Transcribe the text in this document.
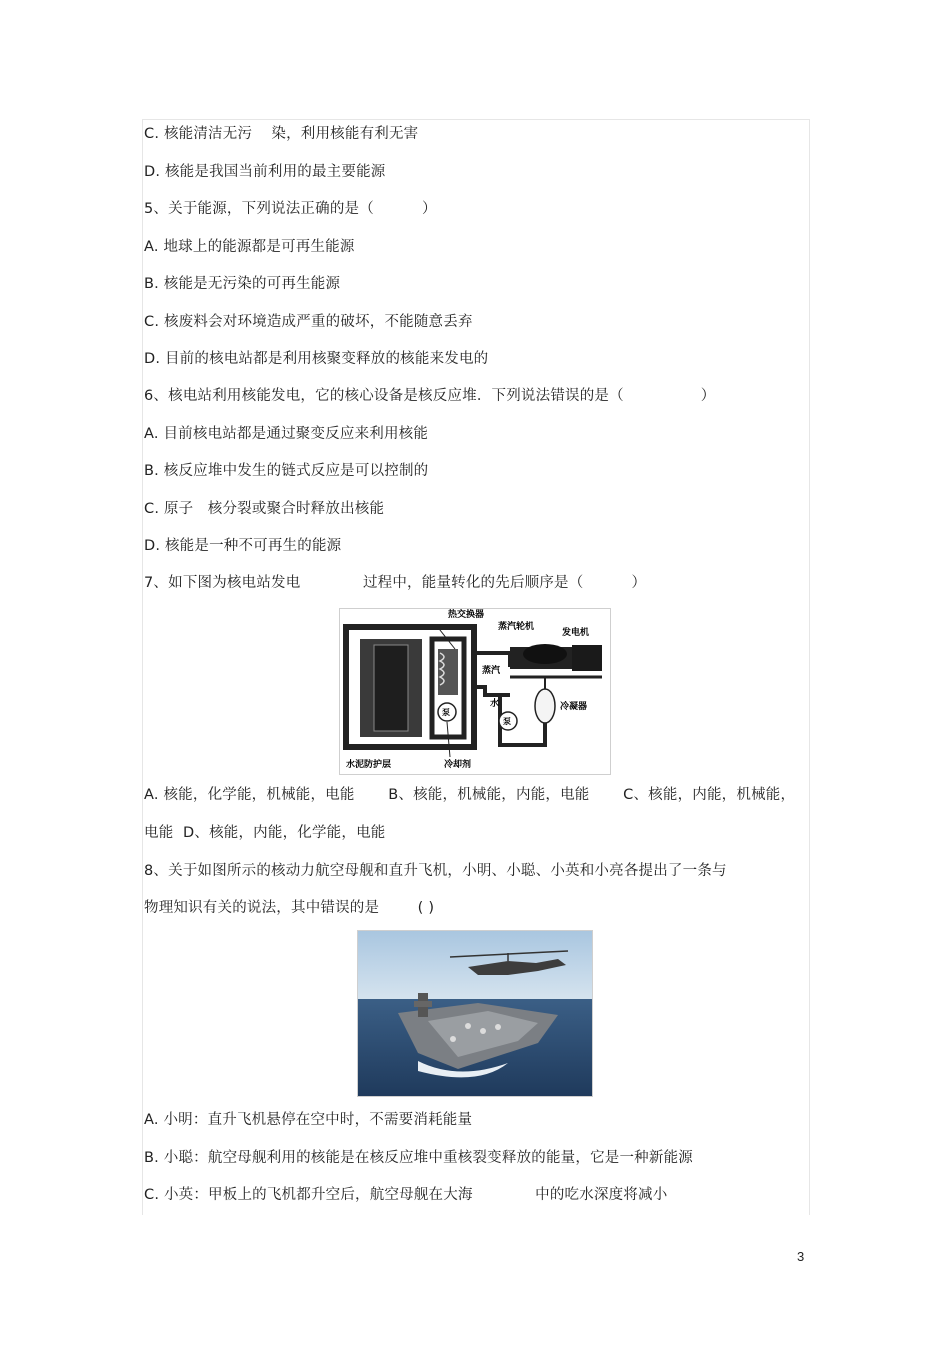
C. 核能清洁无污    染，利用核能有利无害
D. 核能是我国当前利用的最主要能源
5、关于能源，下列说法正确的是（          ）
A. 地球上的能源都是可再生能源
B. 核能是无污染的可再生能源
C. 核废料会对环境造成严重的破坏，不能随意丢弃
D. 目前的核电站都是利用核聚变释放的核能来发电的
6、核电站利用核能发电，它的核心设备是核反应堆．下列说法错误的是（                ）
A. 目前核电站都是通过聚变反应来利用核能
B. 核反应堆中发生的链式反应是可以控制的
C. 原子   核分裂或聚合时释放出核能
D. 核能是一种不可再生的能源
7、如下图为核电站发电             过程中，能量转化的先后顺序是（          ）
热交换器
蒸汽轮机
发电机
蒸汽
水
泵
泵
冷凝器
水泥防护层	冷却剂
A. 核能，化学能，机械能，电能       B、核能，机械能，内能，电能       C、核能，内能，机械能，
电能  D、核能，内能，化学能，电能
8、关于如图所示的核动力航空母舰和直升飞机，小明、小聪、小英和小亮各提出了一条与
物理知识有关的说法，其中错误的是        ( )
A. 小明：直升飞机悬停在空中时，不需要消耗能量
B. 小聪：航空母舰利用的核能是在核反应堆中重核裂变释放的能量，它是一种新能源
C. 小英：甲板上的飞机都升空后，航空母舰在大海             中的吃水深度将减小
3
